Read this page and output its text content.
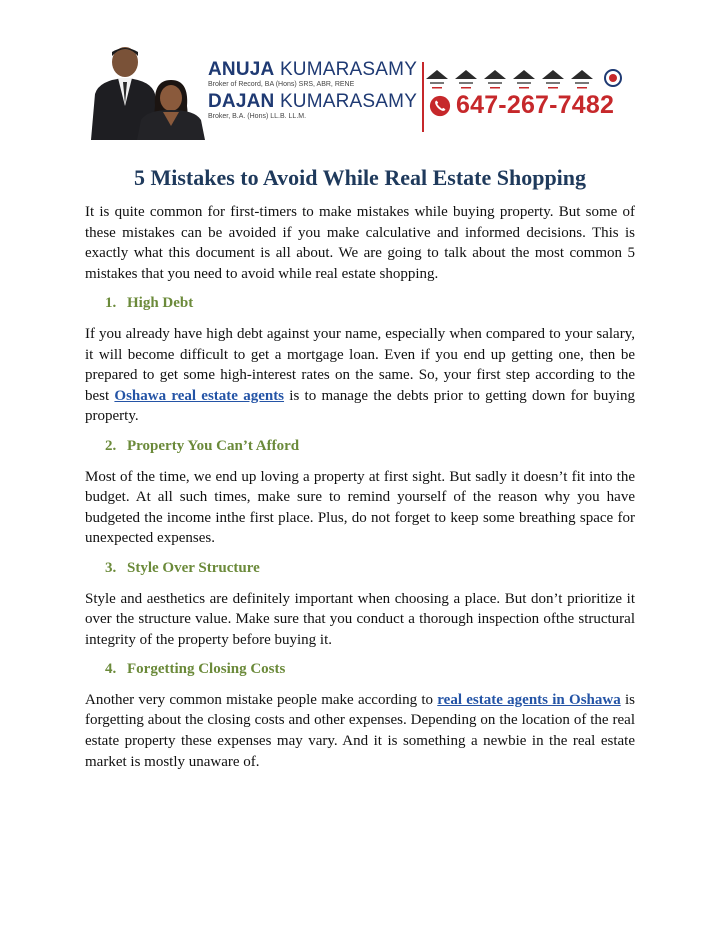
ANUJA KUMARASAMY
Broker of Record, BA (Hons) SRS, ABR, RENE
DAJAN KUMARASAMY
Broker, B.A. (Hons) LL.B. LL.M.	647-267-7482
5 Mistakes to Avoid While Real Estate Shopping

It is quite common for first-timers to make mistakes while buying property. But some of these mistakes can be avoided if you make calculative and informed decisions. This is exactly what this document is all about. We are going to talk about the most common 5 mistakes that you need to avoid while real estate shopping.

1. High Debt

If you already have high debt against your name, especially when compared to your salary, it will become difficult to get a mortgage loan. Even if you end up getting one, then be prepared to get some high-interest rates on the same. So, your first step according to the best Oshawa real estate agents is to manage the debts prior to getting down for buying property.

2. Property You Can’t Afford

Most of the time, we end up loving a property at first sight. But sadly it doesn’t fit into the budget. At all such times, make sure to remind yourself of the reason why you have budgeted the income inthe first place. Plus, do not forget to keep some breathing space for unexpected expenses.

3. Style Over Structure

Style and aesthetics are definitely important when choosing a place. But don’t prioritize it over the structure value. Make sure that you conduct a thorough inspection ofthe structural integrity of the property before buying it.

4. Forgetting Closing Costs

Another very common mistake people make according to real estate agents in Oshawa is forgetting about the closing costs and other expenses. Depending on the location of the real estate property these expenses may vary. And it is something a newbie in the real estate market is mostly unaware of.
